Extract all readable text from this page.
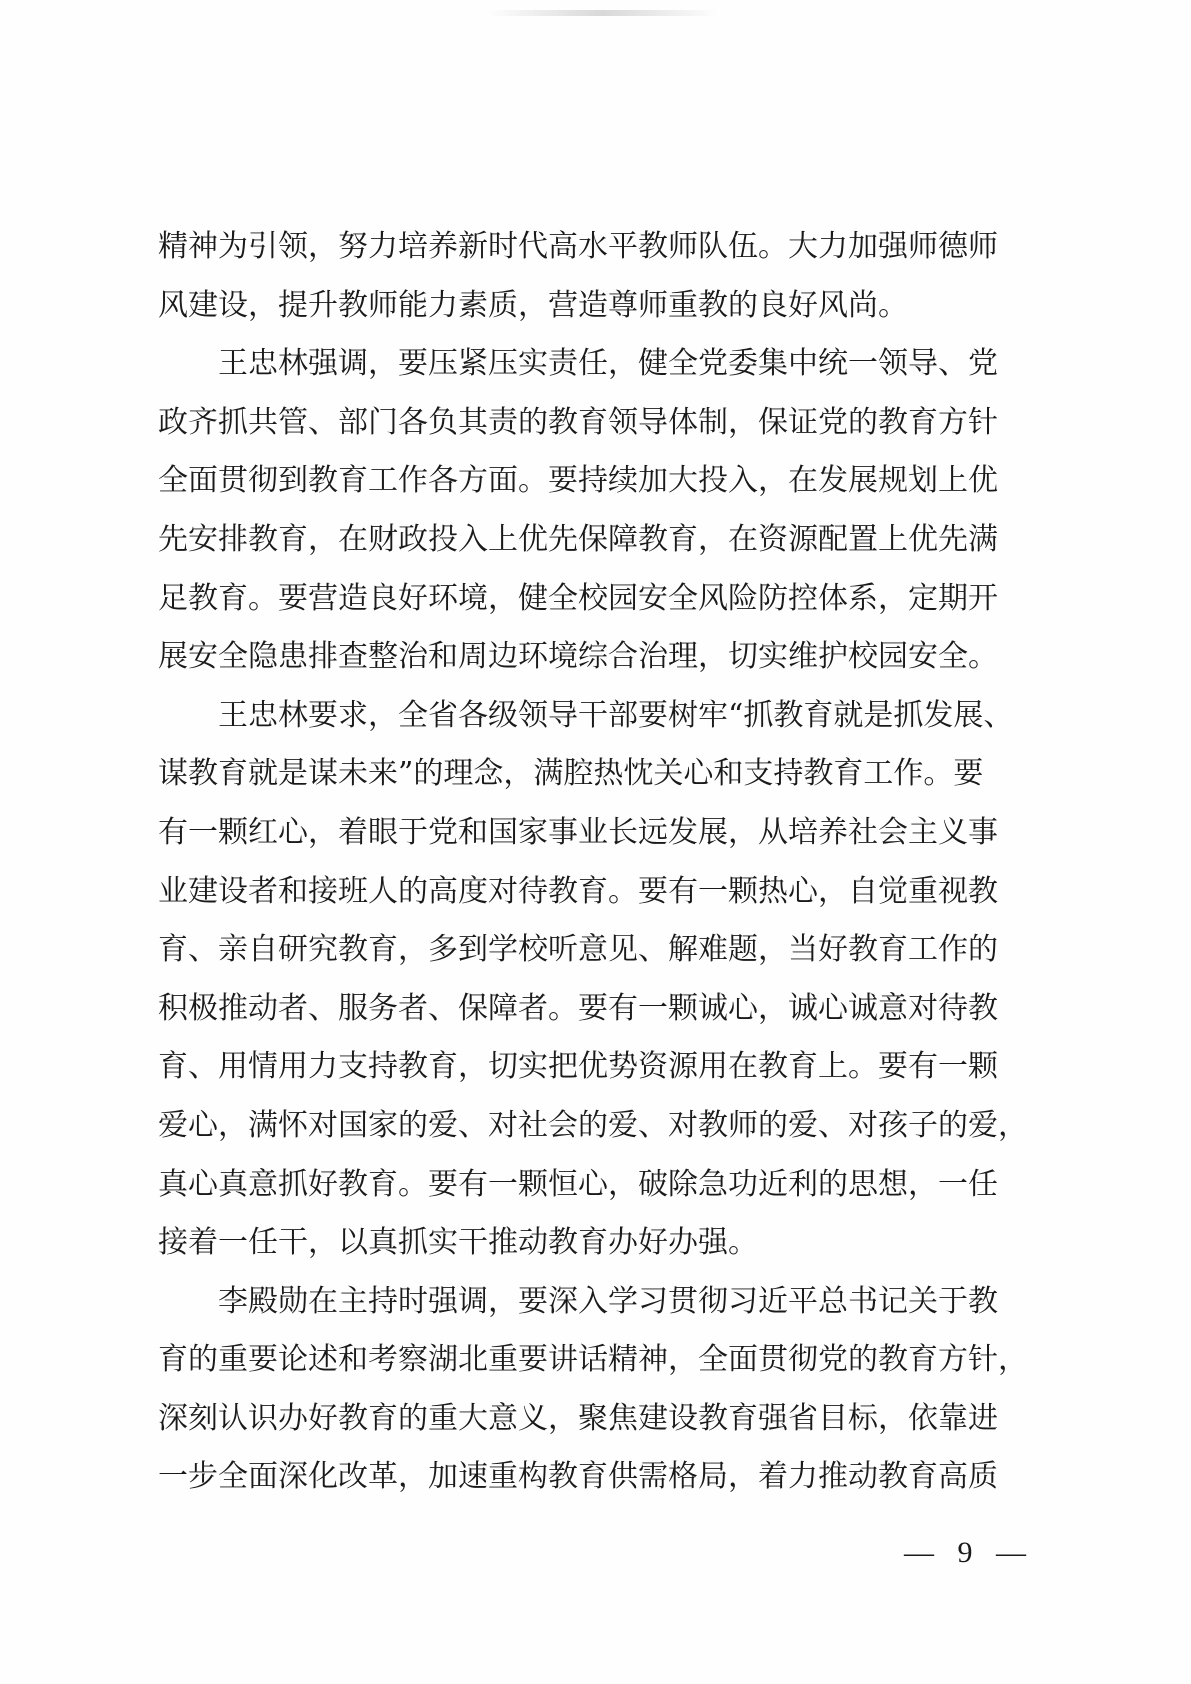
精神为引领，努力培养新时代高水平教师队伍。大力加强师德师
风建设，提升教师能力素质，营造尊师重教的良好风尚。
王忠林强调，要压紧压实责任，健全党委集中统一领导、党
政齐抓共管、部门各负其责的教育领导体制，保证党的教育方针
全面贯彻到教育工作各方面。要持续加大投入，在发展规划上优
先安排教育，在财政投入上优先保障教育，在资源配置上优先满
足教育。要营造良好环境，健全校园安全风险防控体系，定期开
展安全隐患排查整治和周边环境综合治理，切实维护校园安全。
王忠林要求，全省各级领导干部要树牢“抓教育就是抓发展、
谋教育就是谋未来”的理念，满腔热忱关心和支持教育工作。要
有一颗红心，着眼于党和国家事业长远发展，从培养社会主义事
业建设者和接班人的高度对待教育。要有一颗热心，自觉重视教
育、亲自研究教育，多到学校听意见、解难题，当好教育工作的
积极推动者、服务者、保障者。要有一颗诚心，诚心诚意对待教
育、用情用力支持教育，切实把优势资源用在教育上。要有一颗
爱心，满怀对国家的爱、对社会的爱、对教师的爱、对孩子的爱，
真心真意抓好教育。要有一颗恒心，破除急功近利的思想，一任
接着一任干，以真抓实干推动教育办好办强。
李殿勋在主持时强调，要深入学习贯彻习近平总书记关于教
育的重要论述和考察湖北重要讲话精神，全面贯彻党的教育方针，
深刻认识办好教育的重大意义，聚焦建设教育强省目标，依靠进
一步全面深化改革，加速重构教育供需格局，着力推动教育高质
— 9 —
